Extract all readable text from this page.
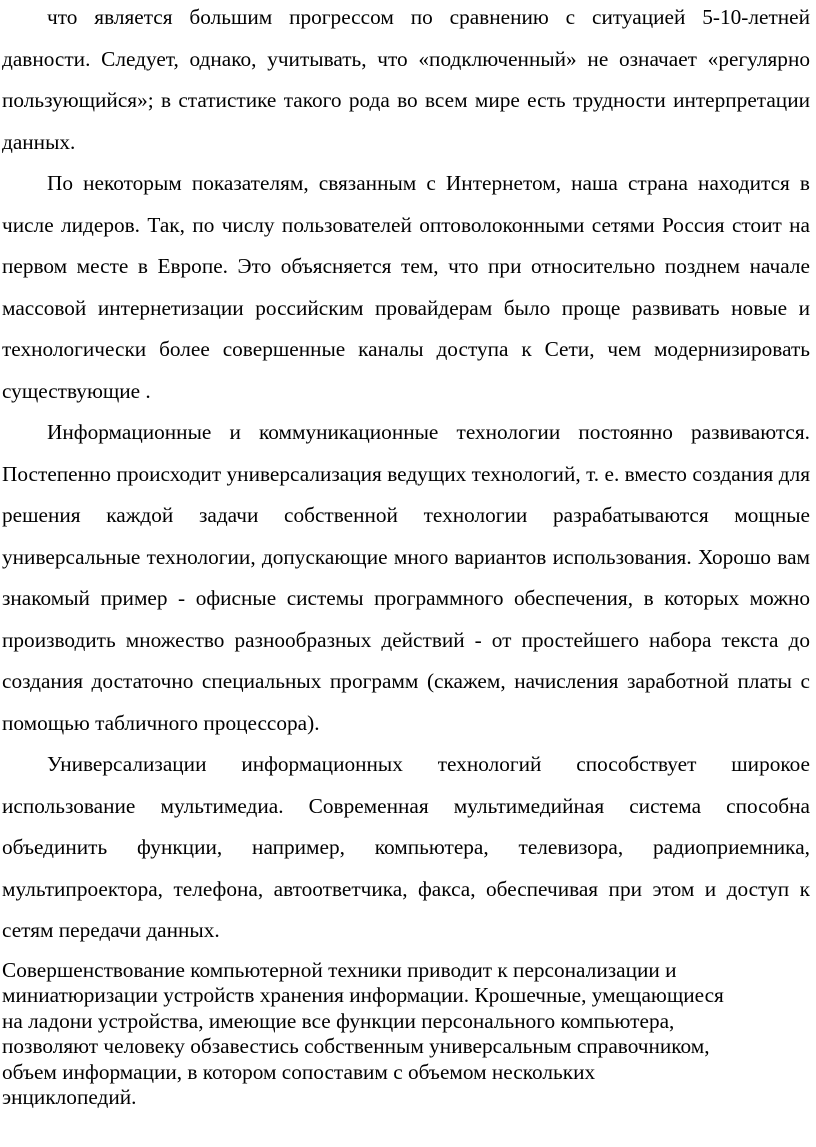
что является большим прогрессом по сравнению с ситуацией 5-10-летней давности. Следует, однако, учитывать, что «подключенный» не означает «регулярно пользующийся»; в статистике такого рода во всем мире есть трудности интерпретации данных.

По некоторым показателям, связанным с Интернетом, наша страна находится в числе лидеров. Так, по числу пользователей оптоволоконными сетями Россия стоит на первом месте в Европе. Это объясняется тем, что при относительно позднем начале массовой интернетизации российским провайдерам было проще развивать новые и технологически более совершенные каналы доступа к Сети, чем модернизировать существующие .

Информационные и коммуникационные технологии постоянно развиваются. Постепенно происходит универсализация ведущих технологий, т. е. вместо создания для решения каждой задачи собственной технологии разрабатываются мощные универсальные технологии, допускающие много вариантов использования. Хорошо вам знакомый пример - офисные системы программного обеспечения, в которых можно производить множество разнообразных действий - от простейшего набора текста до создания достаточно специальных программ (скажем, начисления заработной платы с помощью табличного процессора).

Универсализации информационных технологий способствует широкое использование мультимедиа. Современная мультимедийная система способна объединить функции, например, компьютера, телевизора, радиоприемника, мультипроектора, телефона, автоответчика, факса, обеспечивая при этом и доступ к сетям передачи данных.

Совершенствование компьютерной техники приводит к персонализации и
миниатюризации устройств хранения информации. Крошечные, умещающиеся
на ладони устройства, имеющие все функции персонального компьютера,
позволяют человеку обзавестись собственным универсальным справочником,
объем информации, в котором сопоставим с объемом нескольких
энциклопедий.
